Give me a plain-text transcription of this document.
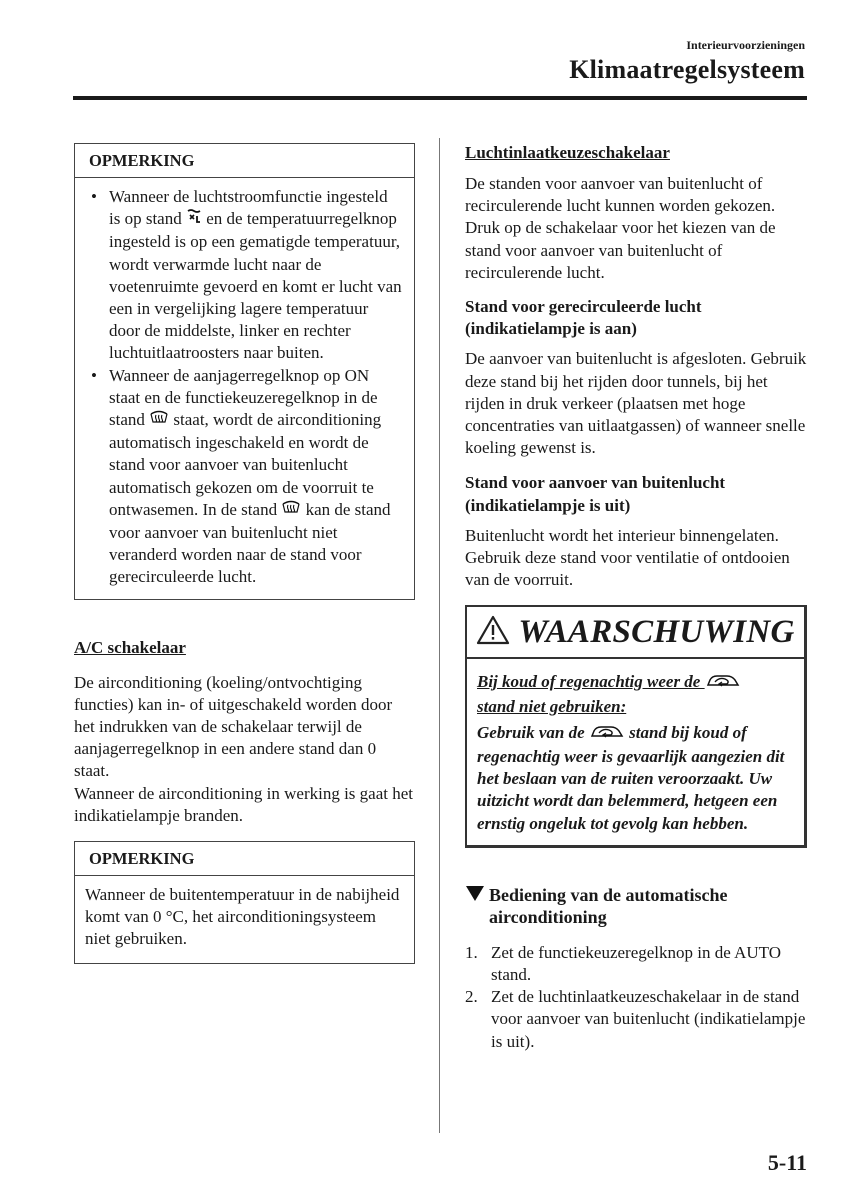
Interieurvoorzieningen
Klimaatregelsysteem
OPMERKING
• Wanneer de luchtstroomfunctie ingesteld is op stand  en de temperatuurregelknop ingesteld is op een gematigde temperatuur, wordt verwarmde lucht naar de voetenruimte gevoerd en komt er lucht van een in vergelijking lagere temperatuur door de middelste, linker en rechter luchtuitlaatroosters naar buiten.
• Wanneer de aanjagerregelknop op ON staat en de functiekeuzeregelknop in de stand  staat, wordt de airconditioning automatisch ingeschakeld en wordt de stand voor aanvoer van buitenlucht automatisch gekozen om de voorruit te ontwasemen. In de stand  kan de stand voor aanvoer van buitenlucht niet veranderd worden naar de stand voor gerecirculeerde lucht.

A/C schakelaar

De airconditioning (koeling/ontvochtiging functies) kan in- of uitgeschakeld worden door het indrukken van de schakelaar terwijl de aanjagerregelknop in een andere stand dan 0 staat.

Wanneer de airconditioning in werking is gaat het indikatielampje branden.

OPMERKING

Wanneer de buitentemperatuur in de nabijheid komt van 0 °C, het airconditioningsysteem niet gebruiken.

Luchtinlaatkeuzeschakelaar

De standen voor aanvoer van buitenlucht of recirculerende lucht kunnen worden gekozen. Druk op de schakelaar voor het kiezen van de stand voor aanvoer van buitenlucht of recirculerende lucht.

Stand voor gerecirculeerde lucht (indikatielampje is aan)

De aanvoer van buitenlucht is afgesloten. Gebruik deze stand bij het rijden door tunnels, bij het rijden in druk verkeer (plaatsen met hoge concentraties van uitlaatgassen) of wanneer snelle koeling gewenst is.

Stand voor aanvoer van buitenlucht (indikatielampje is uit)

Buitenlucht wordt het interieur binnengelaten. Gebruik deze stand voor ventilatie of ontdooien van de voorruit.

WAARSCHUWING
Bij koud of regenachtig weer de
stand niet gebruiken:
Gebruik van de  stand bij koud of regenachtig weer is gevaarlijk aangezien dit het beslaan van de ruiten veroorzaakt. Uw uitzicht wordt dan belemmerd, hetgeen een ernstig ongeluk tot gevolg kan hebben.
Bediening van de automatische
airconditioning
1. Zet de functiekeuzeregelknop in de AUTO stand.
2. Zet de luchtinlaatkeuzeschakelaar in de stand voor aanvoer van buitenlucht (indikatielampje is uit).
5-11
